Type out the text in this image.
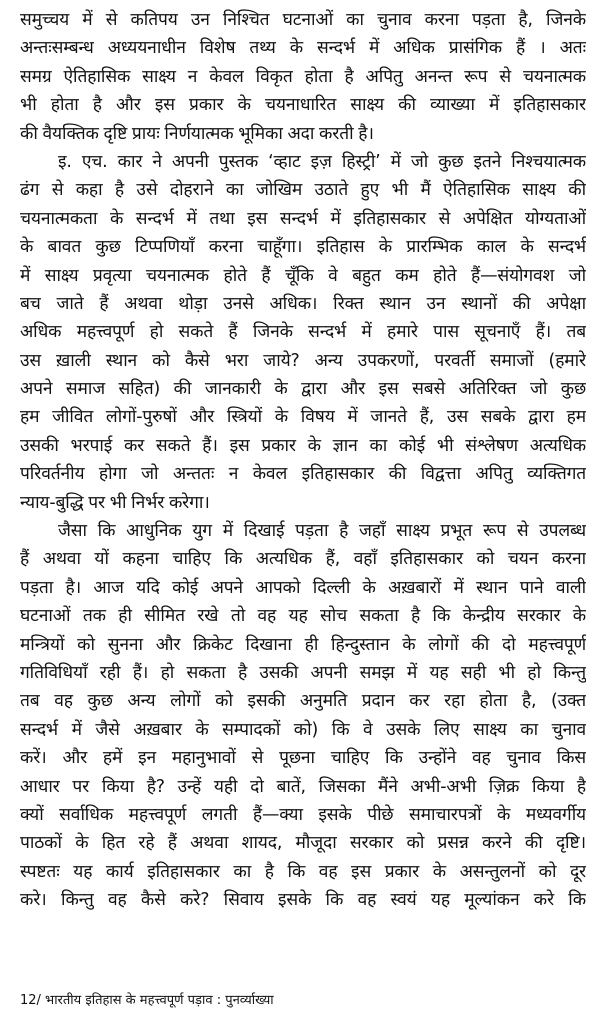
समुच्चय में से कतिपय उन निश्चित घटनाओं का चुनाव करना पड़ता है, जिनके
अन्तःसम्बन्ध अध्ययनाधीन विशेष तथ्य के सन्दर्भ में अधिक प्रासंगिक हैं । अतः
समग्र ऐतिहासिक साक्ष्य न केवल विकृत होता है अपितु अनन्त रूप से चयनात्मक
भी होता है और इस प्रकार के चयनाधारित साक्ष्य की व्याख्या में इतिहासकार
की वैयक्तिक दृष्टि प्रायः निर्णयात्मक भूमिका अदा करती है।
इ. एच. कार ने अपनी पुस्तक ‘व्हाट इज़ हिस्ट्री’ में जो कुछ इतने निश्चयात्मक
ढंग से कहा है उसे दोहराने का जोखिम उठाते हुए भी मैं ऐतिहासिक साक्ष्य की
चयनात्मकता के सन्दर्भ में तथा इस सन्दर्भ में इतिहासकार से अपेक्षित योग्यताओं
के बावत कुछ टिप्पणियाँ करना चाहूँगा। इतिहास के प्रारम्भिक काल के सन्दर्भ
में साक्ष्य प्रवृत्या चयनात्मक होते हैं चूँकि वे बहुत कम होते हैं—संयोगवश जो
बच जाते हैं अथवा थोड़ा उनसे अधिक। रिक्त स्थान उन स्थानों की अपेक्षा
अधिक महत्त्वपूर्ण हो सकते हैं जिनके सन्दर्भ में हमारे पास सूचनाएँ हैं। तब
उस ख़ाली स्थान को कैसे भरा जाये? अन्य उपकरणों, परवर्ती समाजों (हमारे
अपने समाज सहित) की जानकारी के द्वारा और इस सबसे अतिरिक्त जो कुछ
हम जीवित लोगों-पुरुषों और स्त्रियों के विषय में जानते हैं, उस सबके द्वारा हम
उसकी भरपाई कर सकते हैं। इस प्रकार के ज्ञान का कोई भी संश्लेषण अत्यधिक
परिवर्तनीय होगा जो अन्ततः न केवल इतिहासकार की विद्वत्ता अपितु व्यक्तिगत
न्याय-बुद्धि पर भी निर्भर करेगा।
जैसा कि आधुनिक युग में दिखाई पड़ता है जहाँ साक्ष्य प्रभूत रूप से उपलब्ध
हैं अथवा यों कहना चाहिए कि अत्यधिक हैं, वहाँ इतिहासकार को चयन करना
पड़ता है। आज यदि कोई अपने आपको दिल्ली के अख़बारों में स्थान पाने वाली
घटनाओं तक ही सीमित रखे तो वह यह सोच सकता है कि केन्द्रीय सरकार के
मन्त्रियों को सुनना और क्रिकेट दिखाना ही हिन्दुस्तान के लोगों की दो महत्त्वपूर्ण
गतिविधियाँ रही हैं। हो सकता है उसकी अपनी समझ में यह सही भी हो किन्तु
तब वह कुछ अन्य लोगों को इसकी अनुमति प्रदान कर रहा होता है, (उक्त
सन्दर्भ में जैसे अख़बार के सम्पादकों को) कि वे उसके लिए साक्ष्य का चुनाव
करें। और हमें इन महानुभावों से पूछना चाहिए कि उन्होंने वह चुनाव किस
आधार पर किया है? उन्हें यही दो बातें, जिसका मैंने अभी-अभी ज़िक्र किया है
क्यों सर्वाधिक महत्त्वपूर्ण लगती हैं—क्या इसके पीछे समाचारपत्रों के मध्यवर्गीय
पाठकों के हित रहे हैं अथवा शायद, मौजूदा सरकार को प्रसन्न करने की दृष्टि।
स्पष्टतः यह कार्य इतिहासकार का है कि वह इस प्रकार के असन्तुलनों को दूर
करे। किन्तु वह कैसे करे? सिवाय इसके कि वह स्वयं यह मूल्यांकन करे कि
12/ भारतीय इतिहास के महत्त्वपूर्ण पड़ाव : पुनर्व्याख्या
